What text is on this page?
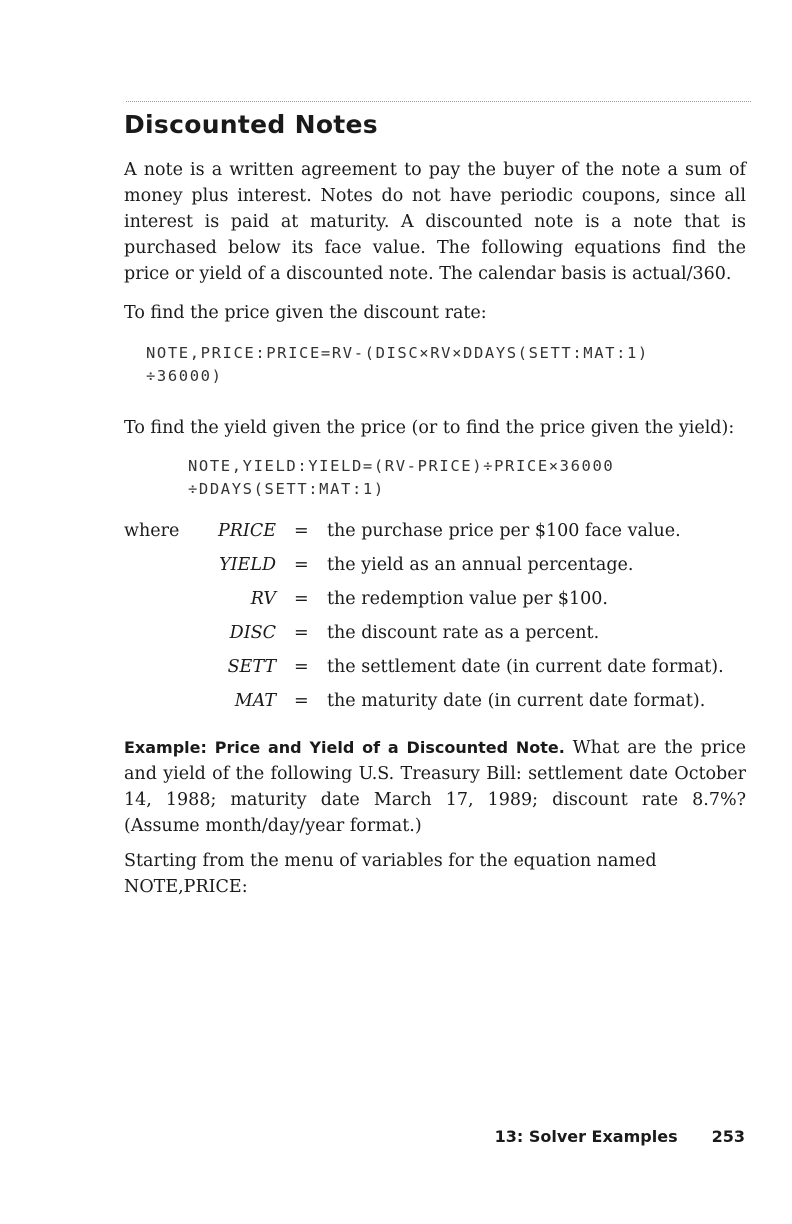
Discounted Notes

A note is a written agreement to pay the buyer of the note a sum of money plus interest. Notes do not have periodic coupons, since all interest is paid at maturity. A discounted note is a note that is purchased below its face value. The following equations find the price or yield of a discounted note. The calendar basis is actual/360.

To find the price given the discount rate:

NOTE,PRICE:PRICE=RV-(DISC×RV×DDAYS(SETT:MAT:1)
÷36000)

To find the yield given the price (or to find the price given the yield):

NOTE,YIELD:YIELD=(RV-PRICE)÷PRICE×36000
÷DDAYS(SETT:MAT:1)

where	PRICE = the purchase price per $100 face value.
YIELD = the yield as an annual percentage.
RV = the redemption value per $100.
DISC = the discount rate as a percent.
SETT = the settlement date (in current date format).
MAT = the maturity date (in current date format).

Example: Price and Yield of a Discounted Note. What are the price and yield of the following U.S. Treasury Bill: settlement date October 14, 1988; maturity date March 17, 1989; discount rate 8.7%? (Assume month/day/year format.)

Starting from the menu of variables for the equation named NOTE,PRICE:

13: Solver Examples 253
